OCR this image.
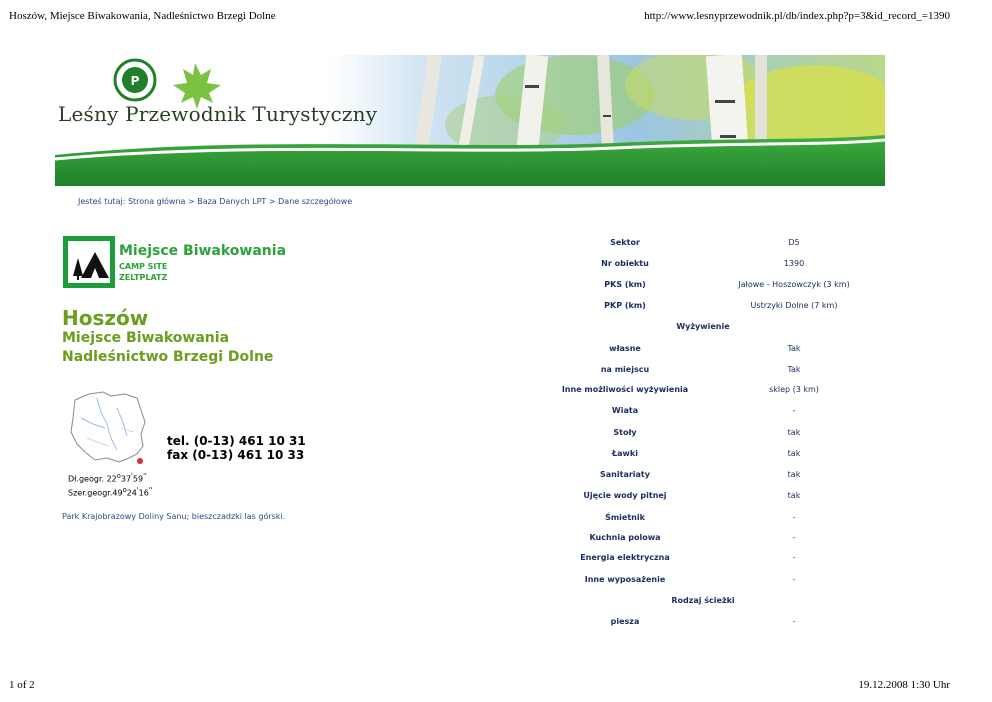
Hoszów, Miejsce Biwakowania, Nadleśnictwo Brzegi Dolne	http://www.lesnyprzewodnik.pl/db/index.php?p=3&id_record_=1390
P
Leśny Przewodnik Turystyczny
Jesteś tutaj: Strona główna > Baza Danych LPT > Dane szczegółowe
Miejsce Biwakowania
CAMP SITE
ZELTPLATZ
Hoszów
Miejsce Biwakowania
Nadleśnictwo Brzegi Dolne
tel. (0-13) 461 10 31
fax (0-13) 461 10 33
Dł.geogr. 22$^o$37'59''
Szer.geogr.49$^o$24'16''
Park Krajobrazowy Doliny Sanu; bieszczadzki las górski.
Sektor	D5
Nr obiektu	1390
PKS (km)	Jałowe - Hoszowczyk (3 km)
PKP (km)	Ustrzyki Dolne (7 km)
Wyżywienie
własne	Tak
na miejscu	Tak
Inne możliwości wyżywienia	sklep (3 km)
Wiata	-
Stoły	tak
Ławki	tak
Sanitariaty	tak
Ujęcie wody pitnej	tak
Śmietnik	-
Kuchnia polowa	-
Energia elektryczna	-
Inne wyposażenie	-
Rodzaj ścieżki
piesza	-
1 of 2	19.12.2008 1:30 Uhr
